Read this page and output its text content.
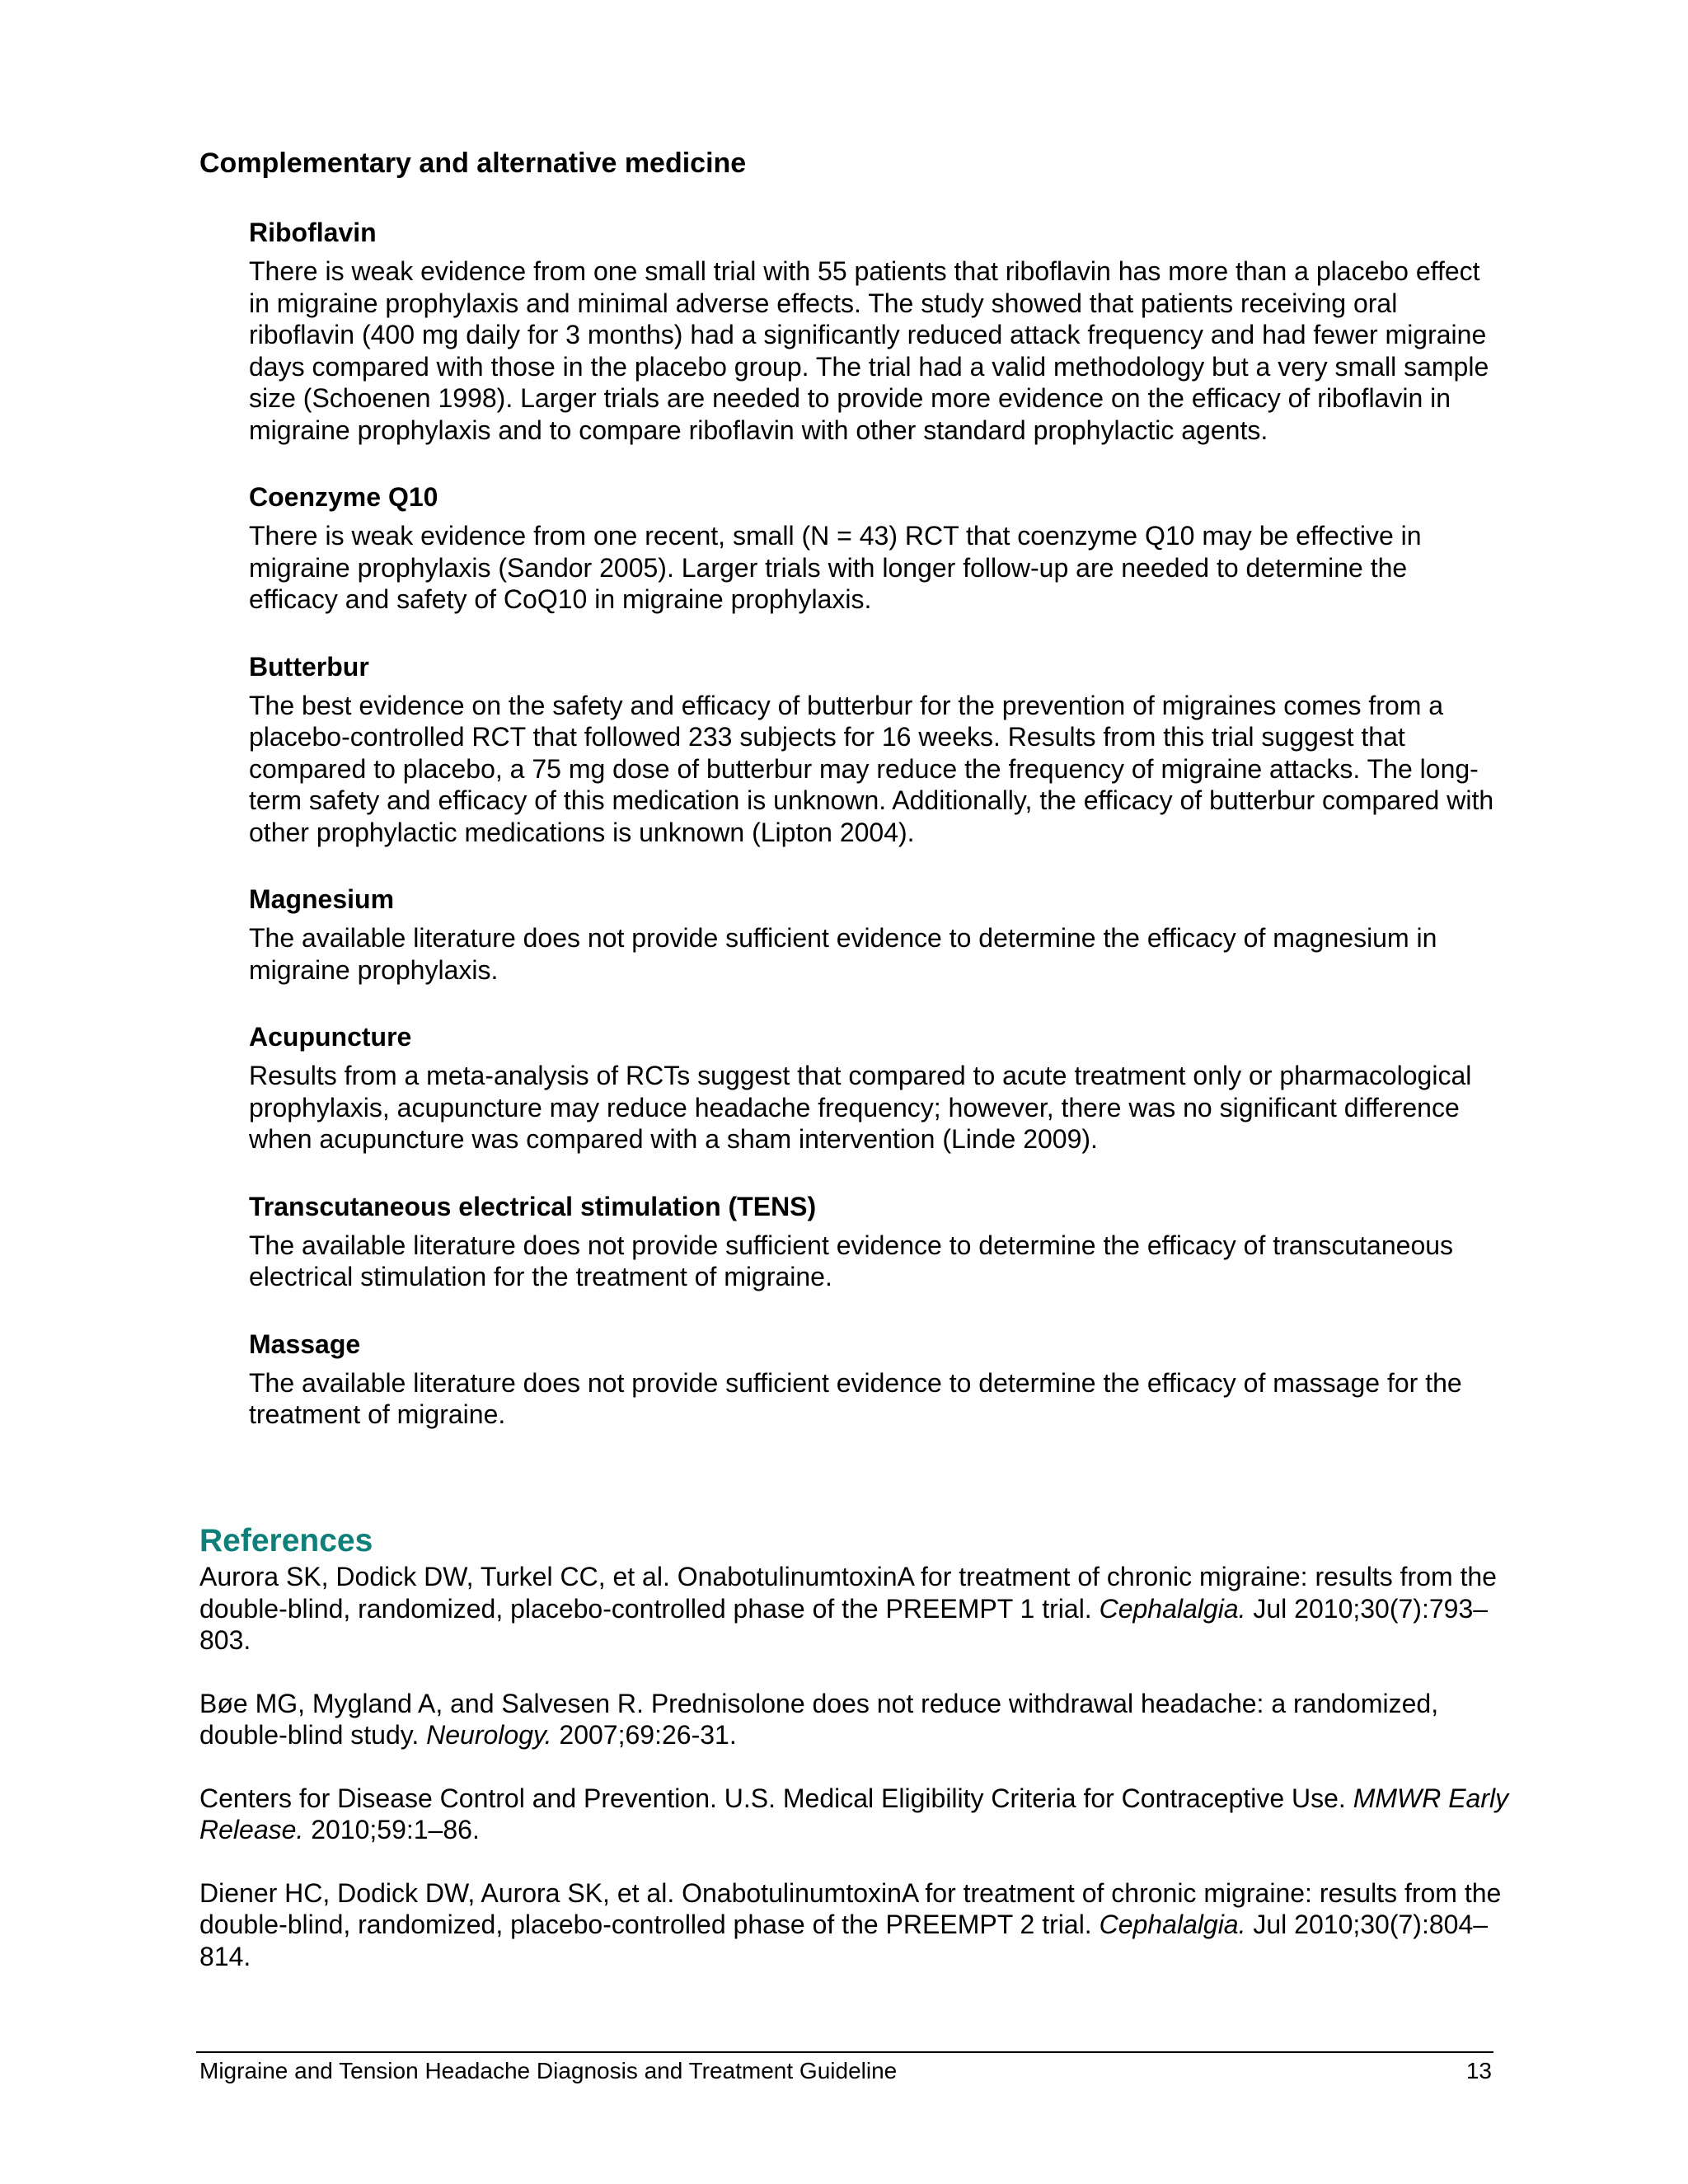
Complementary and alternative medicine
Riboflavin

There is weak evidence from one small trial with 55 patients that riboflavin has more than a placebo effect in migraine prophylaxis and minimal adverse effects. The study showed that patients receiving oral riboflavin (400 mg daily for 3 months) had a significantly reduced attack frequency and had fewer migraine days compared with those in the placebo group. The trial had a valid methodology but a very small sample size (Schoenen 1998). Larger trials are needed to provide more evidence on the efficacy of riboflavin in migraine prophylaxis and to compare riboflavin with other standard prophylactic agents.

Coenzyme Q10

There is weak evidence from one recent, small (N = 43) RCT that coenzyme Q10 may be effective in migraine prophylaxis (Sandor 2005). Larger trials with longer follow-up are needed to determine the efficacy and safety of CoQ10 in migraine prophylaxis.

Butterbur

The best evidence on the safety and efficacy of butterbur for the prevention of migraines comes from a placebo-controlled RCT that followed 233 subjects for 16 weeks. Results from this trial suggest that compared to placebo, a 75 mg dose of butterbur may reduce the frequency of migraine attacks. The long-term safety and efficacy of this medication is unknown. Additionally, the efficacy of butterbur compared with other prophylactic medications is unknown (Lipton 2004).

Magnesium

The available literature does not provide sufficient evidence to determine the efficacy of magnesium in migraine prophylaxis.

Acupuncture

Results from a meta-analysis of RCTs suggest that compared to acute treatment only or pharmacological prophylaxis, acupuncture may reduce headache frequency; however, there was no significant difference when acupuncture was compared with a sham intervention (Linde 2009).

Transcutaneous electrical stimulation (TENS)

The available literature does not provide sufficient evidence to determine the efficacy of transcutaneous electrical stimulation for the treatment of migraine.

Massage

The available literature does not provide sufficient evidence to determine the efficacy of massage for the treatment of migraine.

References

Aurora SK, Dodick DW, Turkel CC, et al. OnabotulinumtoxinA for treatment of chronic migraine: results from the double-blind, randomized, placebo-controlled phase of the PREEMPT 1 trial. Cephalalgia. Jul 2010;30(7):793–803.

Bøe MG, Mygland A, and Salvesen R. Prednisolone does not reduce withdrawal headache: a randomized, double-blind study. Neurology. 2007;69:26-31.

Centers for Disease Control and Prevention. U.S. Medical Eligibility Criteria for Contraceptive Use. MMWR Early Release. 2010;59:1–86.

Diener HC, Dodick DW, Aurora SK, et al. OnabotulinumtoxinA for treatment of chronic migraine: results from the double-blind, randomized, placebo-controlled phase of the PREEMPT 2 trial. Cephalalgia. Jul 2010;30(7):804–814.

Migraine and Tension Headache Diagnosis and Treatment Guideline	13
